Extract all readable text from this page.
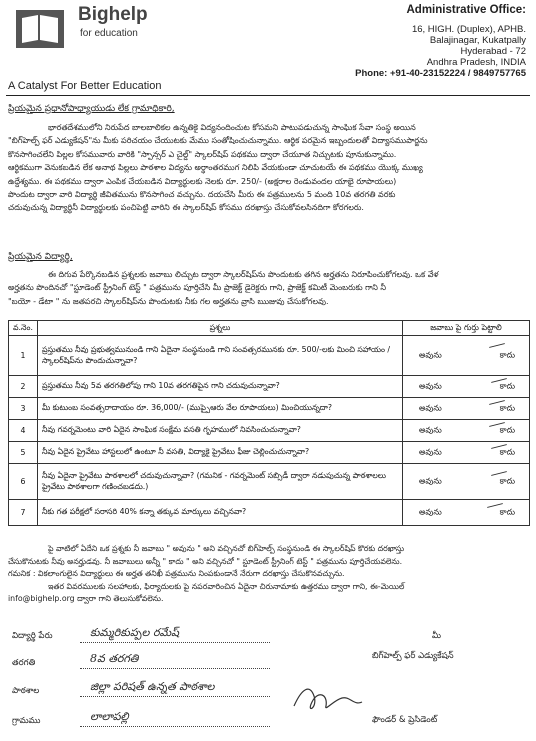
Bighelp
for education
A Catalyst For Better Education
Administrative Office:
16, HIGH. (Duplex), APHB.
Balajinagar, Kukatpally
Hyderabad - 72
Andhra Pradesh, INDIA
Phone: +91-40-23152224 / 9849757765
ప్రియమైన ప్రధానోపాధ్యాయుడు లేక గ్రామాధికారి,
భారతదేశములోని నిరుపేద బాలబాలికల ఉన్నతికై విద్యనందించుట కోసమని పాటుపడుచున్న సాంఘిక సేవా సంస్థ అయిన
"బిగ్‌హెల్ప్ ఫర్ ఎడ్యుకేషన్"ను మీకు పరిచయం చేయుటకు మేము సంతోషించుచున్నాము. ఆర్థిక పరమైన ఇబ్బందులతో విద్యాసముపార్జను
కొనసాగించలేని పిల్లల కోసమువారు వారికి "స్పాన్సర్ ఎ చైల్డ్" స్కాలర్‌షిప్ పథకము ద్వారా చేయూత నిచ్చుటకు పూనుకున్నాము.
ఆర్థికముగా వెనుకబడిన లేక అనాథ పిల్లలు పాఠశాల విద్యను అర్థాంతరముగ నిలిపి వేయకుండా చూచుటయే ఈ పథకము యొక్క ముఖ్య
ఉద్దేశ్యము. ఈ పథకము ద్వారా ఎంపిక చేయబడిన విద్యార్థులకు నెలకు రూ. 250/- (అక్షరాల రెండువందల యాభై రూపాయలు)
పొందుట ద్వారా వారి విద్యార్థి జీవితమును కొనసాగించ వచ్చును. దయచేసి మీరు ఈ పత్రములను 5 మంది 10వ తరగతి వరకు
చదువుచున్న విద్యార్థినీ విద్యార్థులకు పంచిపెట్టి వారిని ఈ స్కాలర్‌షిప్ కోసము దరఖాస్తు చేసుకోవలసినదిగా కోరగలరు.
ప్రియమైన విద్యార్థి,
ఈ దిగువ పేర్కొనబడిన ప్రశ్నలకు జవాబు లిచ్చుట ద్వారా స్కాలర్‌షిప్‌ను పొందుటకు తగిన అర్హతను నిరూపించుకోగలవు. ఒక వేళ
అర్హతను పొందినచో "స్టూడెంట్ స్ట్రీనింగ్ టెస్ట్ " పత్రమును పూర్తిచేసి మీ ప్రాజెక్ట్ డైరెక్టరు గాని, ప్రాజెక్ట్ కమిటీ మెంబరుకు గాని నీ
"బయో - డేటా " ను జతపరచి స్కాలర్‌షిప్‌ను పొందుటకు నీకు గల అర్హతను వ్రాసి ఋజువు చేసుకోగలవు.
వ.నెం.	ప్రశ్నలు	జవాబు పై గుర్తు పెట్టాలి
1	ప్రస్తుతము నీవు ప్రభుత్వమునుండి గాని ఏదైనా సంస్థనుండి గాని సంవత్సరమునకు రూ. 500/-లకు మించి సహాయం / స్కాలర్‌షిప్‌ను పొందుచున్నావా?	అవును కాదు

2	ప్రస్తుతము నీవు 5వ తరగతిలోపు గాని 10వ తరగతిపైన గాని చదువుచున్నావా?	అవును కాదు

3	మీ కుటుంబ సంవత్సరాదాయం రూ. 36,000/- (ముప్పైఆరు వేల రూపాయలు) మించియున్నదా?	అవును కాదు

4	నీవు గవర్నమెంటు వారి ఏదైన సాంఘిక సంక్షేమ వసతి గృహములో నివసించుచున్నావా?	అవును కాదు

5	నీవు ఏదైన ప్రైవేటు హాస్టలులో ఉంటూ నీ వసతి, విద్యాకై ప్రైవేటు ఫీజు చెల్లించుచున్నావా?	అవును కాదు

6	నీవు ఏదైనా ప్రైవేటు పాఠశాలలో చదువుచున్నావా? (గమనిక - గవర్నమెంట్ సబ్సిడీ ద్వారా నడుపుచున్న పాఠశాలలు ప్రైవేటు పాఠశాలగా గణించబడదు.)	అవును కాదు

7	నీకు గత పరీక్షలో సరాసరి 40% కన్నా తక్కువ మార్కులు వచ్చినవా?	అవును కాదు
పై వాటిలో ఏదేని ఒక ప్రశ్నకు నీ జవాబు " అవును " అని వచ్చినచో బిగ్‌హెల్ప్ సంస్థనుండి ఈ స్కాలర్‌షిప్ కొరకు దరఖాస్తు
చేసుకొనుటకు నీవు అనర్హుడవు. నీ జవాబులు అన్నీ " కాదు " అని వచ్చినచో " స్టూడెంట్ స్ట్రీనింగ్ టెస్ట్ " పత్రమును పూర్తిచేయవలెను.
గమనిక : వికలాంగులైన విద్యార్థులు ఈ అర్హత తనిఖీ పత్రమును నింపకుండానే నేరుగా దరఖాస్తు చేసుకొనవచ్చును.
ఇతర వివరములకు సలహాలకు, ఫిర్యాదులకు పై నపరవారించిన ఏదైనా చిరునామాకు ఉత్తరము ద్వారా గాని, ఈ-మెయిల్
info@bighelp.org ద్వారా గాని తెలుసుకోవలెను.
విద్యార్థి పేరు	కుమ్మరికుప్పల రమేష్
తరగతి	8వ తరగతి
పాఠశాల	జిల్లా పరిషత్ ఉన్నత పాఠశాల
గ్రామము	లాలాపల్లి
మీ
బిగ్‌హెల్ప్ ఫర్ ఎడ్యుకేషన్
ఫౌండర్ & ప్రెసిడెంట్
